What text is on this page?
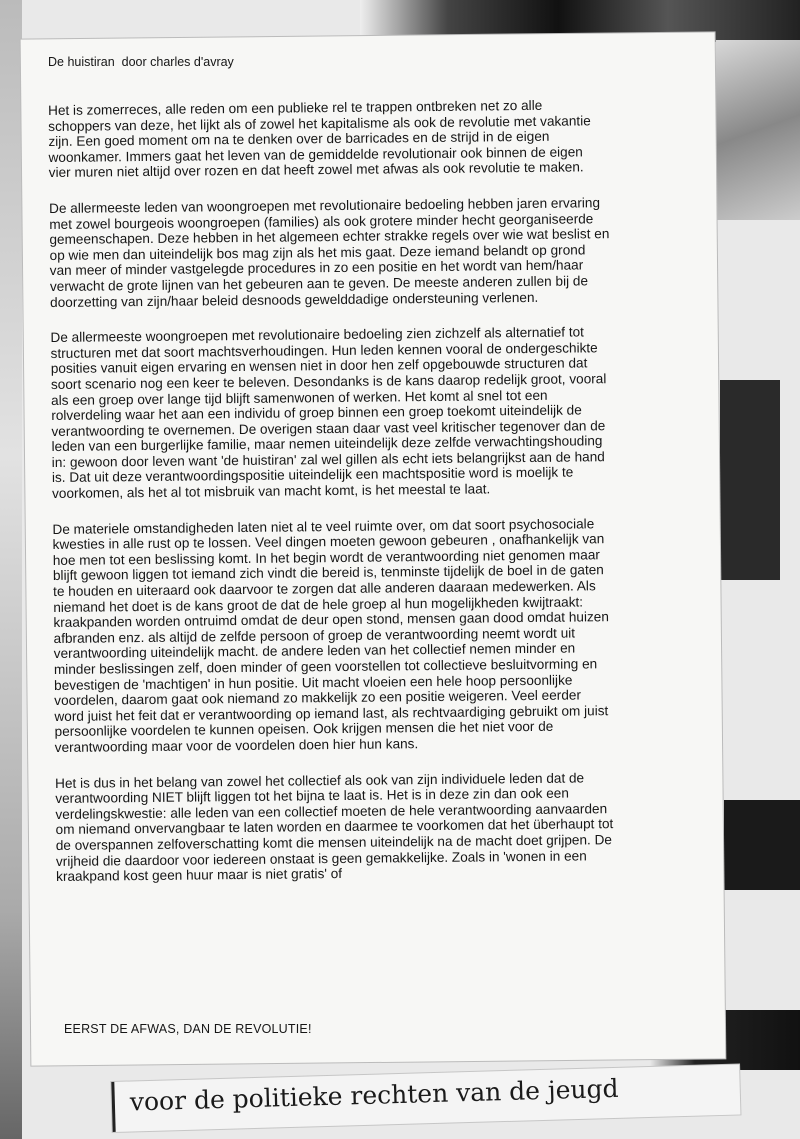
De huistiran  door charles d'avray

Het is zomerreces, alle reden om een publieke rel te trappen ontbreken net zo alle
schoppers van deze, het lijkt als of zowel het kapitalisme als ook de revolutie met vakantie
zijn. Een goed moment om na te denken over de barricades en de strijd in de eigen
woonkamer. Immers gaat het leven van de gemiddelde revolutionair ook binnen de eigen
vier muren niet altijd over rozen en dat heeft zowel met afwas als ook revolutie te maken.

De allermeeste leden van woongroepen met revolutionaire bedoeling hebben jaren ervaring
met zowel bourgeois woongroepen (families) als ook grotere minder hecht georganiseerde
gemeenschapen. Deze hebben in het algemeen echter strakke regels over wie wat beslist en
op wie men dan uiteindelijk bos mag zijn als het mis gaat. Deze iemand belandt op grond
van meer of minder vastgelegde procedures in zo een positie en het wordt van hem/haar
verwacht de grote lijnen van het gebeuren aan te geven. De meeste anderen zullen bij de
doorzetting van zijn/haar beleid desnoods gewelddadige ondersteuning verlenen.

De allermeeste woongroepen met revolutionaire bedoeling zien zichzelf als alternatief tot
structuren met dat soort machtsverhoudingen. Hun leden kennen vooral de ondergeschikte
posities vanuit eigen ervaring en wensen niet in door hen zelf opgebouwde structuren dat
soort scenario nog een keer te beleven. Desondanks is de kans daarop redelijk groot, vooral
als een groep over lange tijd blijft samenwonen of werken. Het komt al snel tot een
rolverdeling waar het aan een individu of groep binnen een groep toekomt uiteindelijk de
verantwoording te overnemen. De overigen staan daar vast veel kritischer tegenover dan de
leden van een burgerlijke familie, maar nemen uiteindelijk deze zelfde verwachtingshouding
in: gewoon door leven want 'de huistiran' zal wel gillen als echt iets belangrijkst aan de hand
is. Dat uit deze verantwoordingspositie uiteindelijk een machtspositie word is moelijk te
voorkomen, als het al tot misbruik van macht komt, is het meestal te laat.

De materiele omstandigheden laten niet al te veel ruimte over, om dat soort psychosociale
kwesties in alle rust op te lossen. Veel dingen moeten gewoon gebeuren , onafhankelijk van
hoe men tot een beslissing komt. In het begin wordt de verantwoording niet genomen maar
blijft gewoon liggen tot iemand zich vindt die bereid is, tenminste tijdelijk de boel in de gaten
te houden en uiteraard ook daarvoor te zorgen dat alle anderen daaraan medewerken. Als
niemand het doet is de kans groot de dat de hele groep al hun mogelijkheden kwijtraakt:
kraakpanden worden ontruimd omdat de deur open stond, mensen gaan dood omdat huizen
afbranden enz. als altijd de zelfde persoon of groep de verantwoording neemt wordt uit
verantwoording uiteindelijk macht. de andere leden van het collectief nemen minder en
minder beslissingen zelf, doen minder of geen voorstellen tot collectieve besluitvorming en
bevestigen de 'machtigen' in hun positie. Uit macht vloeien een hele hoop persoonlijke
voordelen, daarom gaat ook niemand zo makkelijk zo een positie weigeren. Veel eerder
word juist het feit dat er verantwoording op iemand last, als rechtvaardiging gebruikt om juist
persoonlijke voordelen te kunnen opeisen. Ook krijgen mensen die het niet voor de
verantwoording maar voor de voordelen doen hier hun kans.

Het is dus in het belang van zowel het collectief als ook van zijn individuele leden dat de
verantwoording NIET blijft liggen tot het bijna te laat is. Het is in deze zin dan ook een
verdelingskwestie: alle leden van een collectief moeten de hele verantwoording aanvaarden
om niemand onvervangbaar te laten worden en daarmee te voorkomen dat het überhaupt tot
de overspannen zelfoverschatting komt die mensen uiteindelijk na de macht doet grijpen. De
vrijheid die daardoor voor iedereen onstaat is geen gemakkelijke. Zoals in 'wonen in een
kraakpand kost geen huur maar is niet gratis' of

EERST DE AFWAS, DAN DE REVOLUTIE!
voor de politieke rechten van de jeugd
